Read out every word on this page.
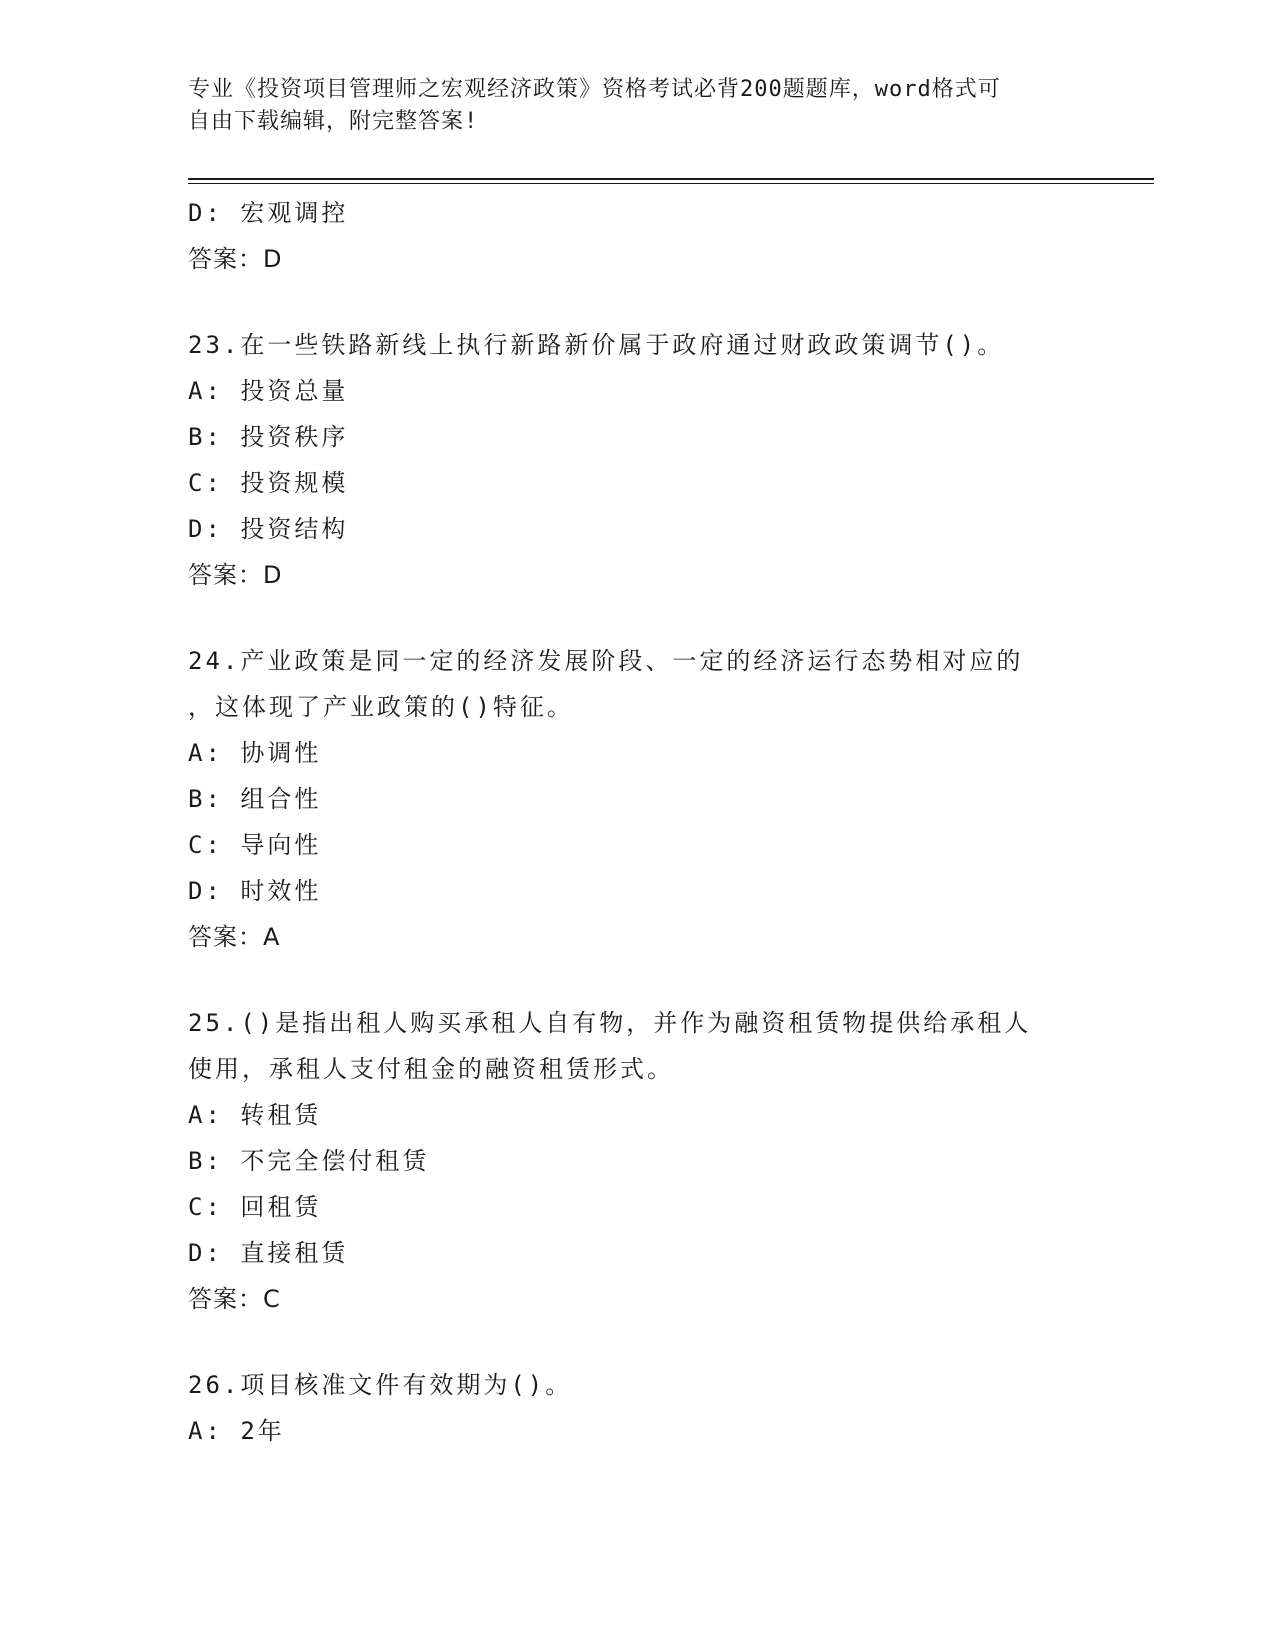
专业《投资项目管理师之宏观经济政策》资格考试必背200题题库，word格式可
自由下载编辑，附完整答案!
D: 宏观调控
答案：D
23.在一些铁路新线上执行新路新价属于政府通过财政政策调节()。
A: 投资总量
B: 投资秩序
C: 投资规模
D: 投资结构
答案：D
24.产业政策是同一定的经济发展阶段、一定的经济运行态势相对应的
，这体现了产业政策的()特征。
A: 协调性
B: 组合性
C: 导向性
D: 时效性
答案：A
25.()是指出租人购买承租人自有物，并作为融资租赁物提供给承租人
使用，承租人支付租金的融资租赁形式。
A: 转租赁
B: 不完全偿付租赁
C: 回租赁
D: 直接租赁
答案：C
26.项目核准文件有效期为()。
A: 2年
